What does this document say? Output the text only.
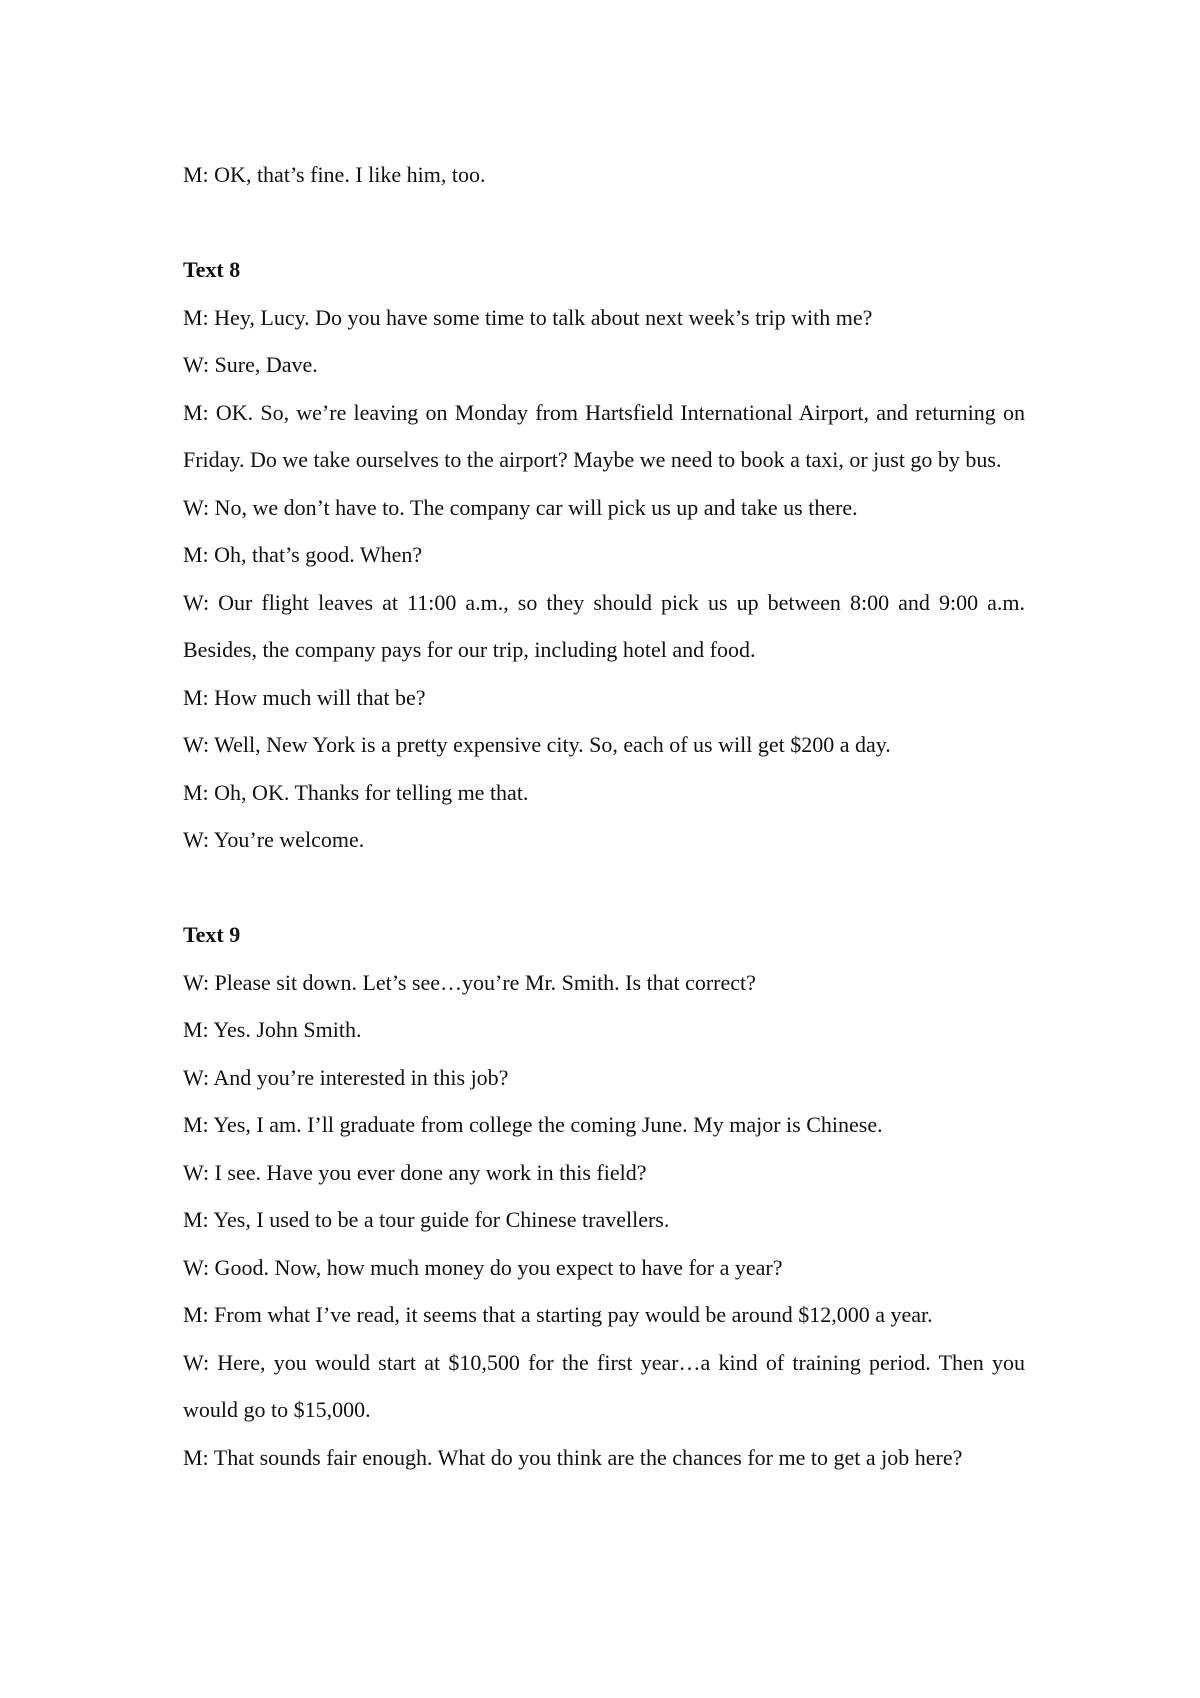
M: OK, that’s fine. I like him, too.

Text 8

M: Hey, Lucy. Do you have some time to talk about next week’s trip with me?

W: Sure, Dave.

M: OK. So, we’re leaving on Monday from Hartsfield International Airport, and returning on Friday. Do we take ourselves to the airport? Maybe we need to book a taxi, or just go by bus.

W: No, we don’t have to. The company car will pick us up and take us there.

M: Oh, that’s good. When?

W: Our flight leaves at 11:00 a.m., so they should pick us up between 8:00 and 9:00 a.m. Besides, the company pays for our trip, including hotel and food.

M: How much will that be?

W: Well, New York is a pretty expensive city. So, each of us will get $200 a day.

M: Oh, OK. Thanks for telling me that.

W: You’re welcome.

Text 9

W: Please sit down. Let’s see…you’re Mr. Smith. Is that correct?

M: Yes. John Smith.

W: And you’re interested in this job?

M: Yes, I am. I’ll graduate from college the coming June. My major is Chinese.

W: I see. Have you ever done any work in this field?

M: Yes, I used to be a tour guide for Chinese travellers.

W: Good. Now, how much money do you expect to have for a year?

M: From what I’ve read, it seems that a starting pay would be around $12,000 a year.

W: Here, you would start at $10,500 for the first year…a kind of training period. Then you would go to $15,000.

M: That sounds fair enough. What do you think are the chances for me to get a job here?
